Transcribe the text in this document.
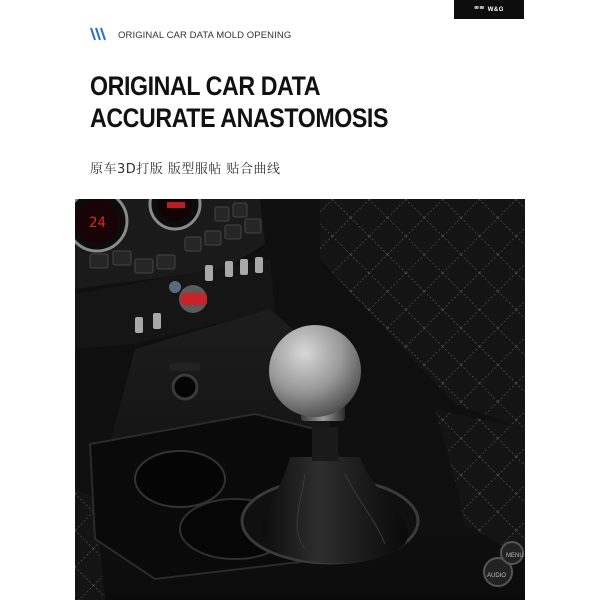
⮹⮹ W&G
ORIGINAL CAR DATA MOLD OPENING
ORIGINAL CAR DATA
ACCURATE ANASTOMOSIS
原车3D打版 版型服帖 贴合曲线
24
MENU
AUDIO
